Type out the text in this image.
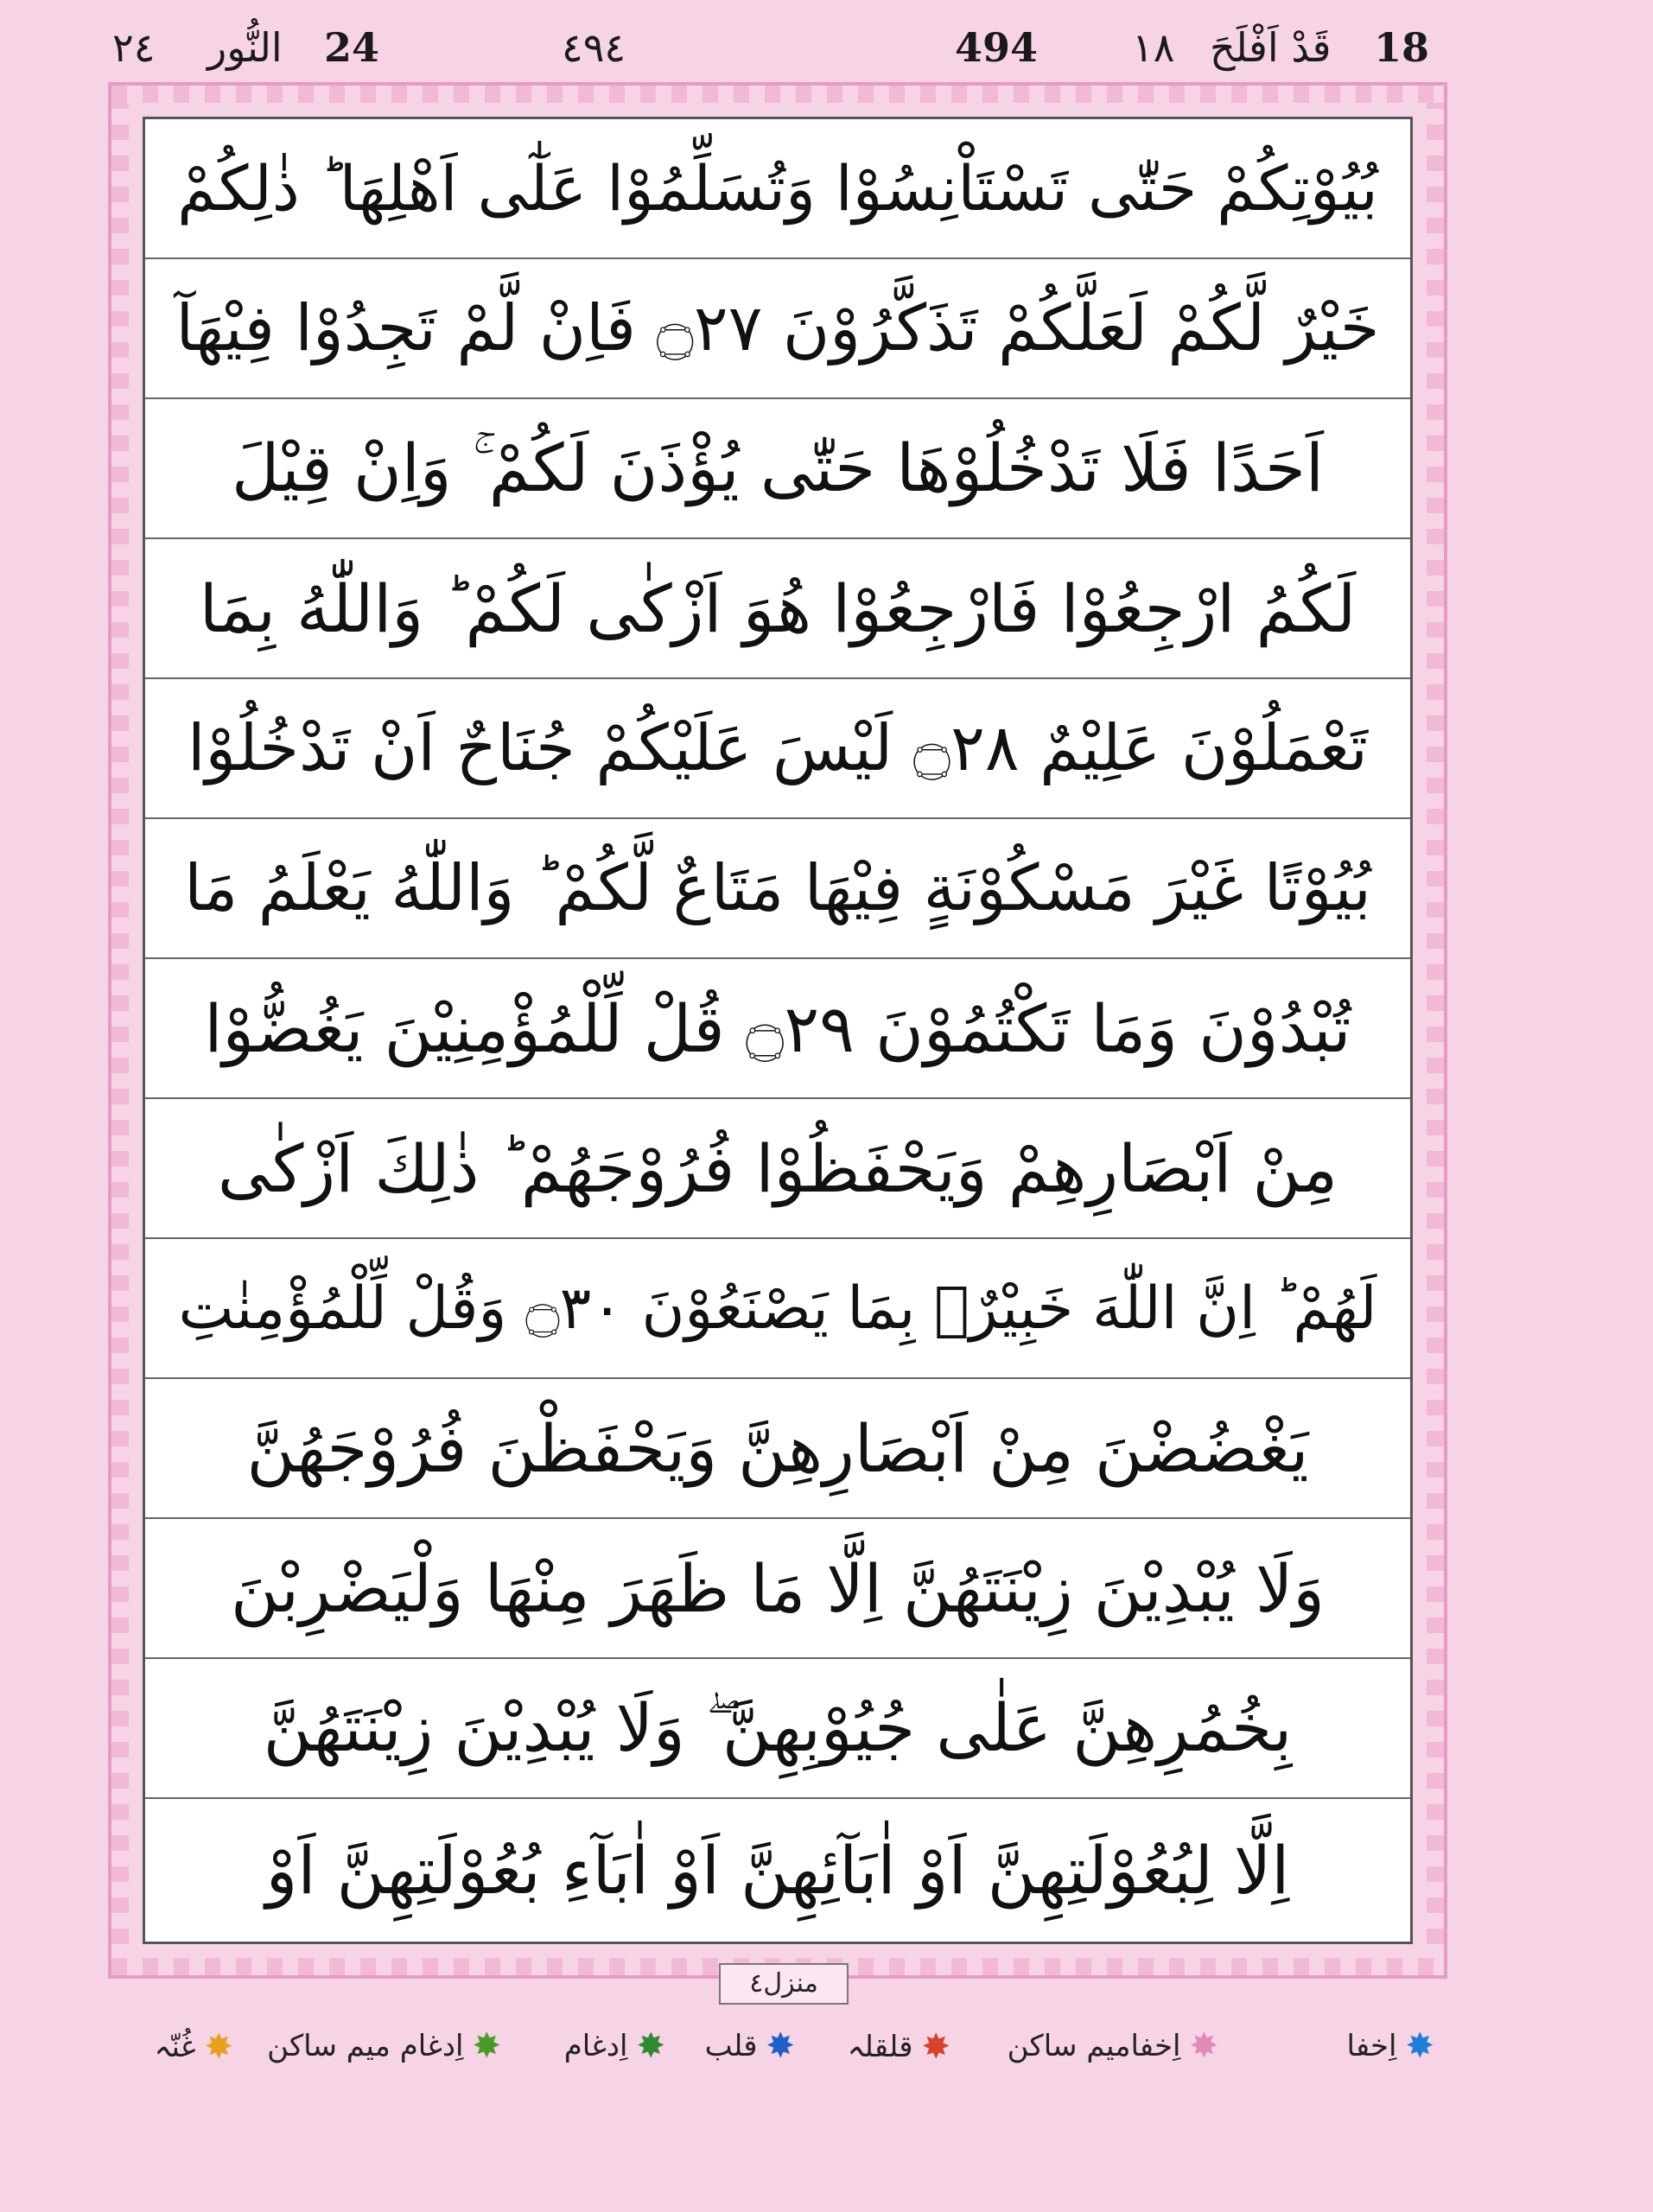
18
قَدْ اَفْلَحَ
١٨
494
٤٩٤
24
النُّور
٢٤
بُيُوْتِكُمْ حَتّٰى تَسْتَاْنِسُوْا وَتُسَلِّمُوْا عَلٰٓى اَهْلِهَا ؕ ذٰلِكُمْ
خَيْرٌ لَّكُمْ لَعَلَّكُمْ تَذَكَّرُوْنَ ۝٢٧ فَاِنْ لَّمْ تَجِدُوْا فِيْهَآ
اَحَدًا فَلَا تَدْخُلُوْهَا حَتّٰى يُؤْذَنَ لَكُمْ ۚ وَاِنْ قِيْلَ
لَكُمُ ارْجِعُوْا فَارْجِعُوْا هُوَ اَزْكٰى لَكُمْ ؕ وَاللّٰهُ بِمَا
تَعْمَلُوْنَ عَلِيْمٌ ۝٢٨ لَيْسَ عَلَيْكُمْ جُنَاحٌ اَنْ تَدْخُلُوْا
بُيُوْتًا غَيْرَ مَسْكُوْنَةٍ فِيْهَا مَتَاعٌ لَّكُمْ ؕ وَاللّٰهُ يَعْلَمُ مَا
تُبْدُوْنَ وَمَا تَكْتُمُوْنَ ۝٢٩ قُلْ لِّلْمُؤْمِنِيْنَ يَغُضُّوْا
مِنْ اَبْصَارِهِمْ وَيَحْفَظُوْا فُرُوْجَهُمْ ؕ ذٰلِكَ اَزْكٰى
لَهُمْ ؕ اِنَّ اللّٰهَ خَبِيْرٌۢ بِمَا يَصْنَعُوْنَ ۝٣٠ وَقُلْ لِّلْمُؤْمِنٰتِ
يَغْضُضْنَ مِنْ اَبْصَارِهِنَّ وَيَحْفَظْنَ فُرُوْجَهُنَّ
وَلَا يُبْدِيْنَ زِيْنَتَهُنَّ اِلَّا مَا ظَهَرَ مِنْهَا وَلْيَضْرِبْنَ
بِخُمُرِهِنَّ عَلٰى جُيُوْبِهِنَّ ۖ وَلَا يُبْدِيْنَ زِيْنَتَهُنَّ
اِلَّا لِبُعُوْلَتِهِنَّ اَوْ اٰبَآئِهِنَّ اَوْ اٰبَآءِ بُعُوْلَتِهِنَّ اَوْ
منزل٤
✸
اِخفا
✸
اِخفامیم ساکن
✸
قلقلہ
✸
قلب
✸
اِدغام
✸
اِدغام میم ساکن
✸
غُنّہ
